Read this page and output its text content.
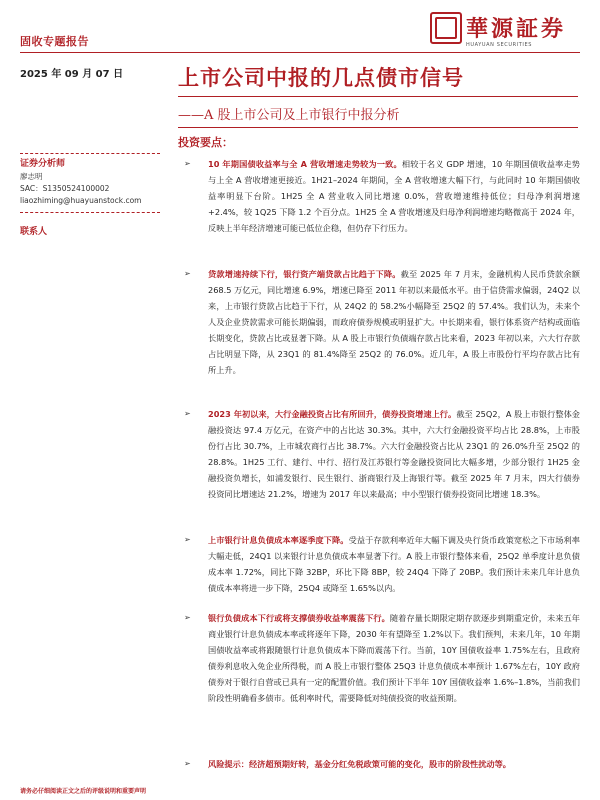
固收专题报告	華源証券
HUAYUAN SECURITIES
2025 年 09 月 07 日	上市公司中报的几点债市信号
——A 股上市公司及上市银行中报分析
投资要点：
证券分析师
廖志明
SAC：S1350524100002
liaozhiming@huayuanstock.com
联系人
➢ 10 年期国债收益率与全 A 营收增速走势较为一致。相较于名义 GDP 增速，10 年期国债收益率走势与上全 A 营收增速更接近。1H21–2024 年期间，全 A 营收增速大幅下行，与此同时 10 年期国债收益率明显下台阶。1H25 全 A 营业收入同比增速 0.0%，营收增速维持低位；归母净利润增速+2.4%，较 1Q25 下降 1.2 个百分点。1H25 全 A 营收增速及归母净利润增速均略微高于 2024 年，反映上半年经济增速可能已低位企稳，但仍存下行压力。
➢ 贷款增速持续下行，银行资产端贷款占比趋于下降。截至 2025 年 7 月末，金融机构人民币贷款余额 268.5 万亿元，同比增速 6.9%，增速已降至 2011 年初以来最低水平。由于信贷需求偏弱，24Q2 以来，上市银行贷款占比趋于下行，从 24Q2 的 58.2%小幅降至 25Q2 的 57.4%。我们认为，未来个人及企业贷款需求可能长期偏弱，而政府债券规模或明显扩大。中长期来看，银行体系资产结构或面临长期变化，贷款占比或显著下降。从 A 股上市银行负债端存款占比来看，2023 年初以来，六大行存款占比明显下降，从 23Q1 的 81.4%降至 25Q2 的 76.0%。近几年，A 股上市股份行平均存款占比有所上升。
➢ 2023 年初以来，大行金融投资占比有所回升，债券投资增速上行。截至 25Q2，A 股上市银行整体金融投资达 97.4 万亿元，在资产中的占比达 30.3%。其中，六大行金融投资平均占比 28.8%，上市股份行占比 30.7%，上市城农商行占比 38.7%。六大行金融投资占比从 23Q1 的 26.0%升至 25Q2 的 28.8%。1H25 工行、建行、中行、招行及江苏银行等金融投资同比大幅多增，少部分银行 1H25 金融投资负增长，如浦发银行、民生银行、浙商银行及上海银行等。截至 2025 年 7 月末，四大行债券投资同比增速达 21.2%，增速为 2017 年以来最高；中小型银行债券投资同比增速 18.3%。
➢ 上市银行计息负债成本率逐季度下降。受益于存款利率近年大幅下调及央行货币政策宽松之下市场利率大幅走低，24Q1 以来银行计息负债成本率显著下行。A 股上市银行整体来看，25Q2 单季度计息负债成本率 1.72%，同比下降 32BP，环比下降 8BP，较 24Q4 下降了 20BP。我们预计未来几年计息负债成本率将进一步下降，25Q4 或降至 1.65%以内。
➢ 银行负债成本下行或将支撑债券收益率震荡下行。随着存量长期限定期存款逐步到期重定价，未来五年商业银行计息负债成本率或将逐年下降，2030 年有望降至 1.2%以下。我们预判，未来几年，10 年期国债收益率或将跟随银行计息负债成本下降而震荡下行。当前，10Y 国债收益率 1.75%左右，且政府债券利息收入免企业所得税，而 A 股上市银行整体 25Q3 计息负债成本率预计 1.67%左右，10Y 政府债券对于银行自营或已具有一定的配置价值。我们预计下半年 10Y 国债收益率 1.6%–1.8%，当前我们阶段性明确看多债市。低利率时代，需要降低对纯债投资的收益预期。
➢ 风险提示：经济超预期好转，基金分红免税政策可能的变化，股市的阶段性扰动等。
请务必仔细阅读正文之后的评级说明和重要声明
